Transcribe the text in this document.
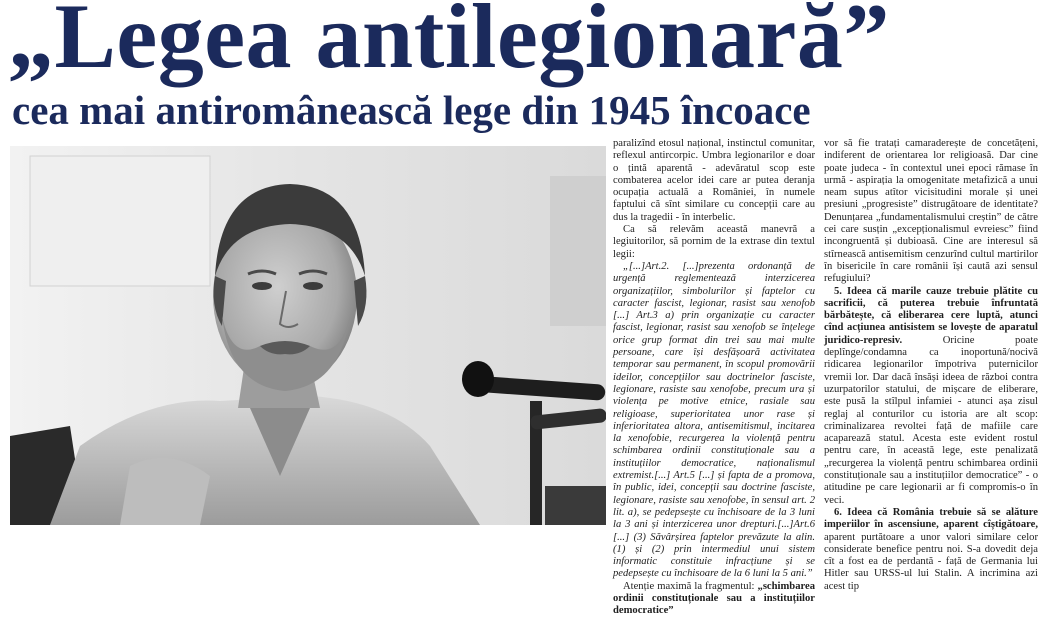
„Legea antilegionară”
cea mai antiromânească lege din 1945 încoace

paralizînd etosul național, instinctul comunitar, reflexul antircorpic. Umbra legionarilor e doar o țintă aparentă - adevăratul scop este combaterea acelor idei care ar putea deranja ocupația actuală a României, în numele faptului că sînt similare cu concepții care au dus la tragedii - în interbelic.

Ca să relevăm această manevră a legiuitorilor, să pornim de la extrase din textul legii:

„[...]Art.2. [...]prezenta ordonanță de urgență reglementează interzicerea organizațiilor, simbolurilor și faptelor cu caracter fascist, legionar, rasist sau xenofob [...] Art.3 a) prin organizație cu caracter fascist, legionar, rasist sau xenofob se înțelege orice grup format din trei sau mai multe persoane, care își desfășoară activitatea temporar sau permanent, în scopul promovării ideilor, concepțiilor sau doctrinelor fasciste, legionare, rasiste sau xenofobe, precum ura și violența pe motive etnice, rasiale sau religioase, superioritatea unor rase și inferioritatea altora, antisemitismul, incitarea la xenofobie, recurgerea la violență pentru schimbarea ordinii constituționale sau a instituțiilor democratice, naționalismul extremist.[...] Art.5 [...] și fapta de a promova, în public, idei, concepții sau doctrine fasciste, legionare, rasiste sau xenofobe, în sensul art. 2 lit. a), se pedepsește cu închisoare de la 3 luni la 3 ani și interzicerea unor drepturi.[...]Art.6 [...] (3) Săvârșirea faptelor prevăzute la alin. (1) și (2) prin intermediul unui sistem informatic constituie infracțiune și se pedepsește cu închisoare de la 6 luni la 5 ani.”

Atenție maximă la fragmentul: „schimbarea ordinii constituționale sau a instituțiilor democratice”

vor să fie tratați camaraderește de concetățeni, indiferent de orientarea lor religioasă. Dar cine poate judeca - în contextul unei epoci rămase în urmă - aspirația la omogenitate metafizică a unui neam supus atîtor vicisitudini morale și unei presiuni „progresiste” distrugătoare de identitate? Denunțarea „fundamentalismului creștin” de către cei care susțin „excepționalismul evreiesc” fiind incongruentă și dubioasă. Cine are interesul să stîrnească antisemitism cenzurînd cultul martirilor în bisericile în care românii își caută azi sensul refugiului?

5. Ideea că marile cauze trebuie plătite cu sacrificii, că puterea trebuie înfruntată bărbătește, că eliberarea cere luptă, atunci cînd acțiunea antisistem se lovește de aparatul juridico-represiv. Oricine poate deplînge/condamna ca inoportună/nocivă ridicarea legionarilor împotriva puternicilor vremii lor. Dar dacă însăși ideea de război contra uzurpatorilor statului, de mișcare de eliberare, este pusă la stîlpul infamiei - atunci așa zisul reglaj al conturilor cu istoria are alt scop: criminalizarea revoltei față de mafiile care acaparează statul. Acesta este evident rostul pentru care, în această lege, este penalizată „recurgerea la violență pentru schimbarea ordinii constituționale sau a instituțiilor democratice” - o atitudine pe care legionarii ar fi compromis-o în veci.

6. Ideea că România trebuie să se alăture imperiilor în ascensiune, aparent cîștigătoare, aparent purtătoare a unor valori similare celor considerate benefice pentru noi. S-a dovedit deja cît a fost ea de perdantă - față de Germania lui Hitler sau URSS-ul lui Stalin. A incrimina azi acest tip
